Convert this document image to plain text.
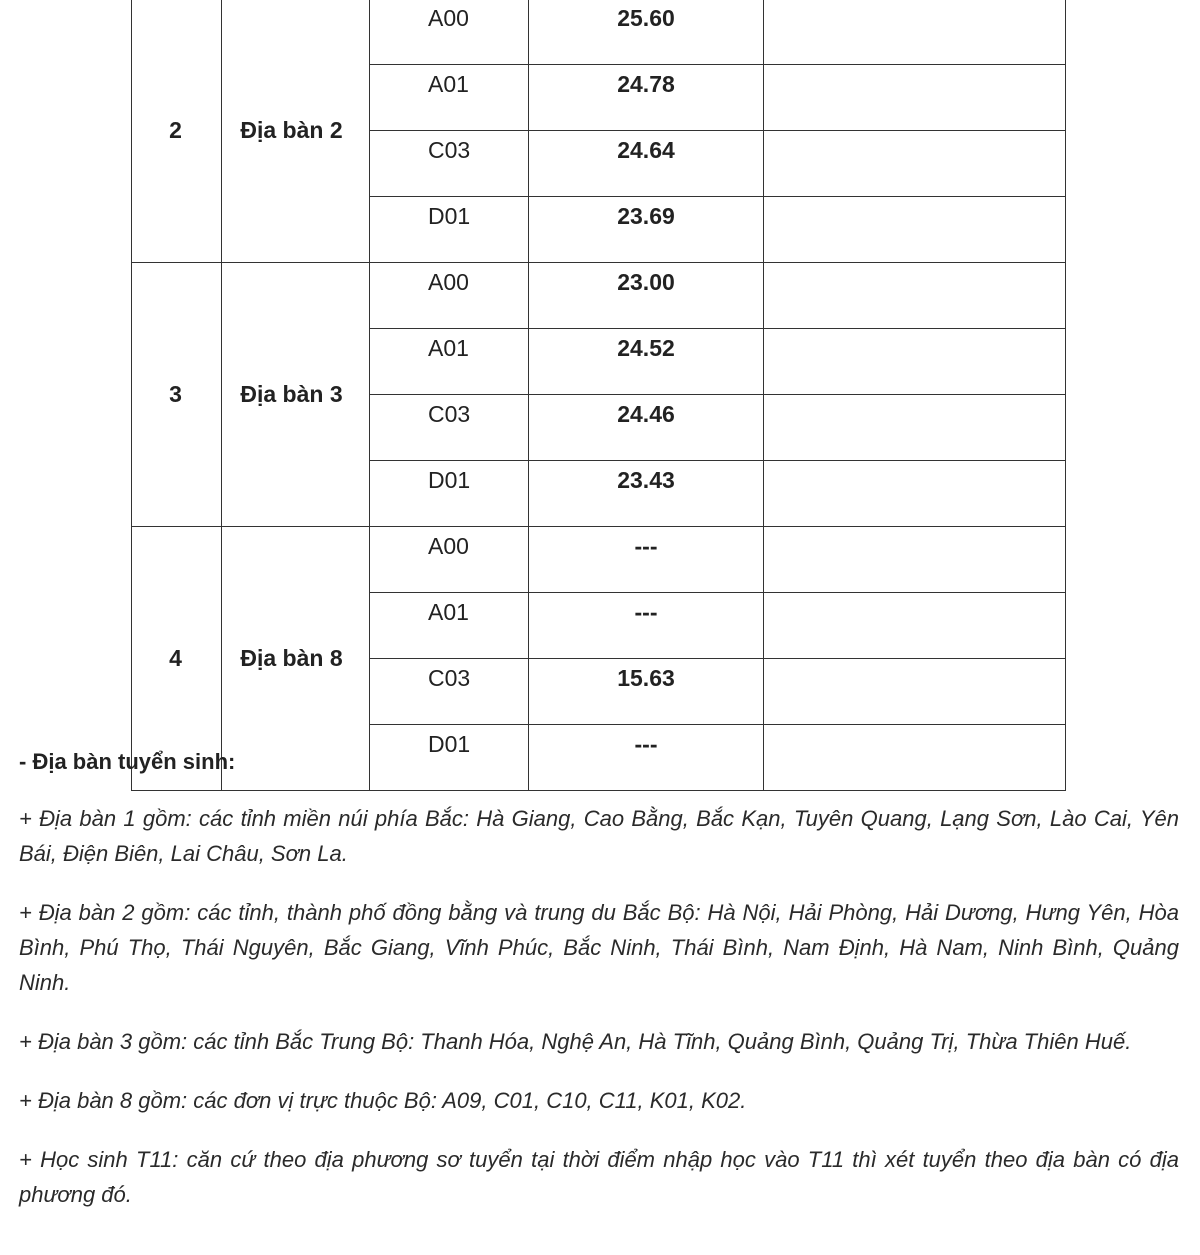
2	Địa bàn 2	A00	25.60	
		A01	24.78	
		C03	24.64	
		D01	23.69	
3	Địa bàn 3	A00	23.00	
		A01	24.52	
		C03	24.46	
		D01	23.43	
4	Địa bàn 8	A00	---	
		A01	---	
		C03	15.63	
		D01	---	

- Địa bàn tuyển sinh:

+ Địa bàn 1 gồm: các tỉnh miền núi phía Bắc: Hà Giang, Cao Bằng, Bắc Kạn, Tuyên Quang, Lạng Sơn, Lào Cai, Yên Bái, Điện Biên, Lai Châu, Sơn La.

+ Địa bàn 2 gồm: các tỉnh, thành phố đồng bằng và trung du Bắc Bộ: Hà Nội, Hải Phòng, Hải Dương, Hưng Yên, Hòa Bình, Phú Thọ, Thái Nguyên, Bắc Giang, Vĩnh Phúc, Bắc Ninh, Thái Bình, Nam Định, Hà Nam, Ninh Bình, Quảng Ninh.

+ Địa bàn 3 gồm: các tỉnh Bắc Trung Bộ: Thanh Hóa, Nghệ An, Hà Tĩnh, Quảng Bình, Quảng Trị, Thừa Thiên Huế.

+ Địa bàn 8 gồm: các đơn vị trực thuộc Bộ: A09, C01, C10, C11, K01, K02.

+ Học sinh T11: căn cứ theo địa phương sơ tuyển tại thời điểm nhập học vào T11 thì xét tuyển theo địa bàn có địa phương đó.
